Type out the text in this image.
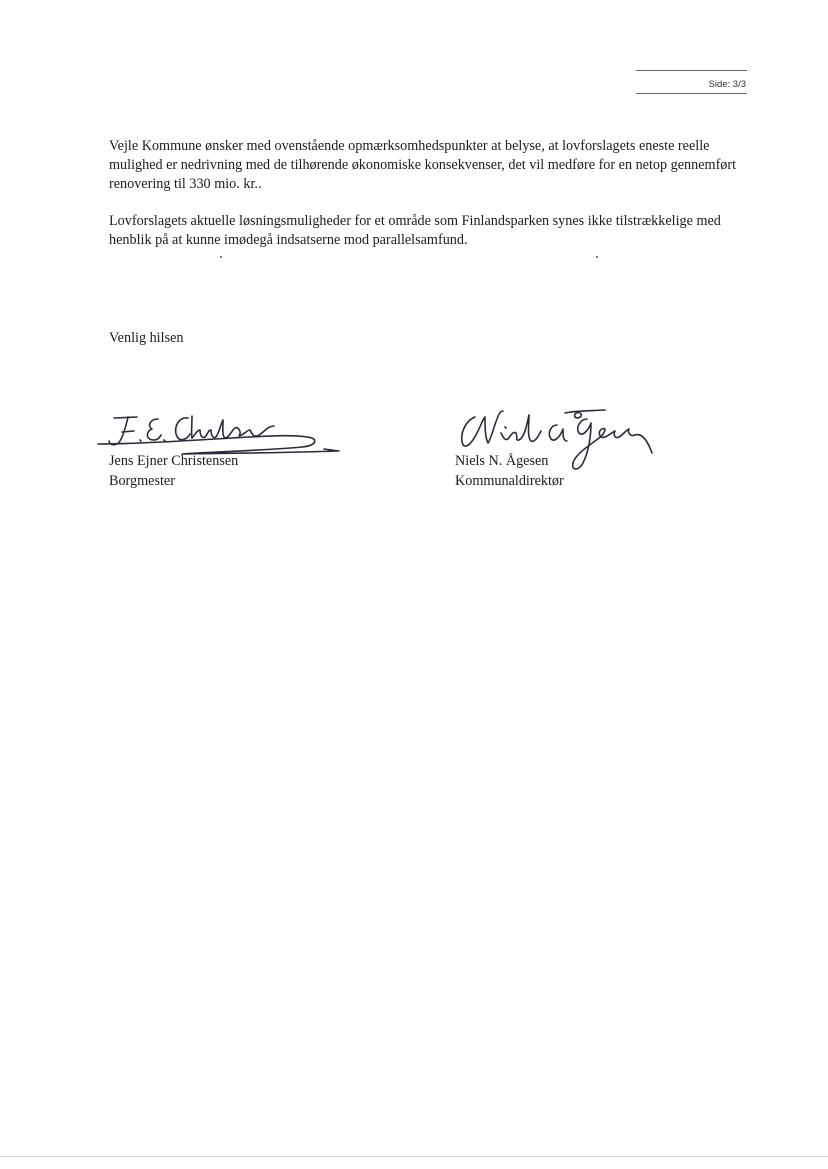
Side: 3/3

Vejle Kommune ønsker med ovenstående opmærksomhedspunkter at belyse, at lovforslagets eneste reelle mulighed er nedrivning med de tilhørende økonomiske konsekvenser, det vil medføre for en netop gennemført renovering til 330 mio. kr..

Lovforslagets aktuelle løsningsmuligheder for et område som Finlandsparken synes ikke tilstrækkelige med henblik på at kunne imødegå indsatserne mod parallelsamfund.

Venlig hilsen
Jens Ejner Christensen
Borgmester
Niels N. Ågesen
Kommunaldirektør
